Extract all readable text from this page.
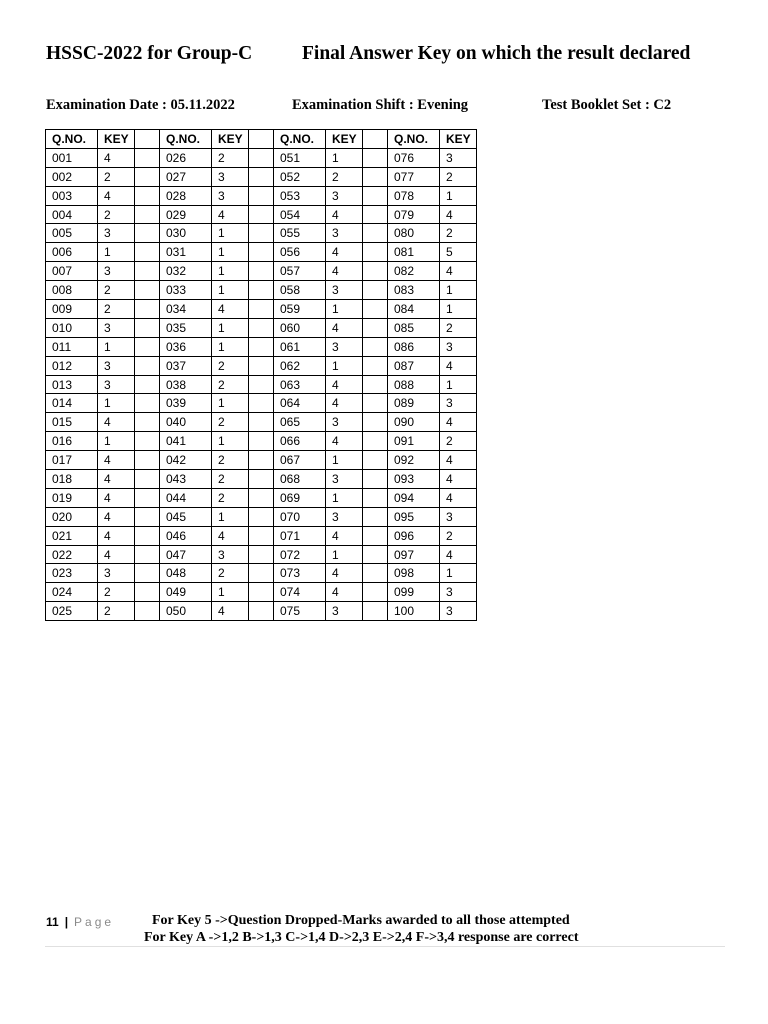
HSSC-2022 for Group-C	Final Answer Key on which the result declared
Examination Date : 05.11.2022	Examination Shift : Evening	Test Booklet Set : C2
Q.NO.	KEY		Q.NO.	KEY		Q.NO.	KEY		Q.NO.	KEY
001	4		026	2		051	1		076	3
002	2		027	3		052	2		077	2
003	4		028	3		053	3		078	1
004	2		029	4		054	4		079	4
005	3		030	1		055	3		080	2
006	1		031	1		056	4		081	5
007	3		032	1		057	4		082	4
008	2		033	1		058	3		083	1
009	2		034	4		059	1		084	1
010	3		035	1		060	4		085	2
011	1		036	1		061	3		086	3
012	3		037	2		062	1		087	4
013	3		038	2		063	4		088	1
014	1		039	1		064	4		089	3
015	4		040	2		065	3		090	4
016	1		041	1		066	4		091	2
017	4		042	2		067	1		092	4
018	4		043	2		068	3		093	4
019	4		044	2		069	1		094	4
020	4		045	1		070	3		095	3
021	4		046	4		071	4		096	2
022	4		047	3		072	1		097	4
023	3		048	2		073	4		098	1
024	2		049	1		074	4		099	3
025	2		050	4		075	3		100	3
11 | Page	For Key 5 ->Question Dropped-Marks awarded to all those attempted
For Key A ->1,2 B->1,3 C->1,4 D->2,3 E->2,4 F->3,4 response are correct
